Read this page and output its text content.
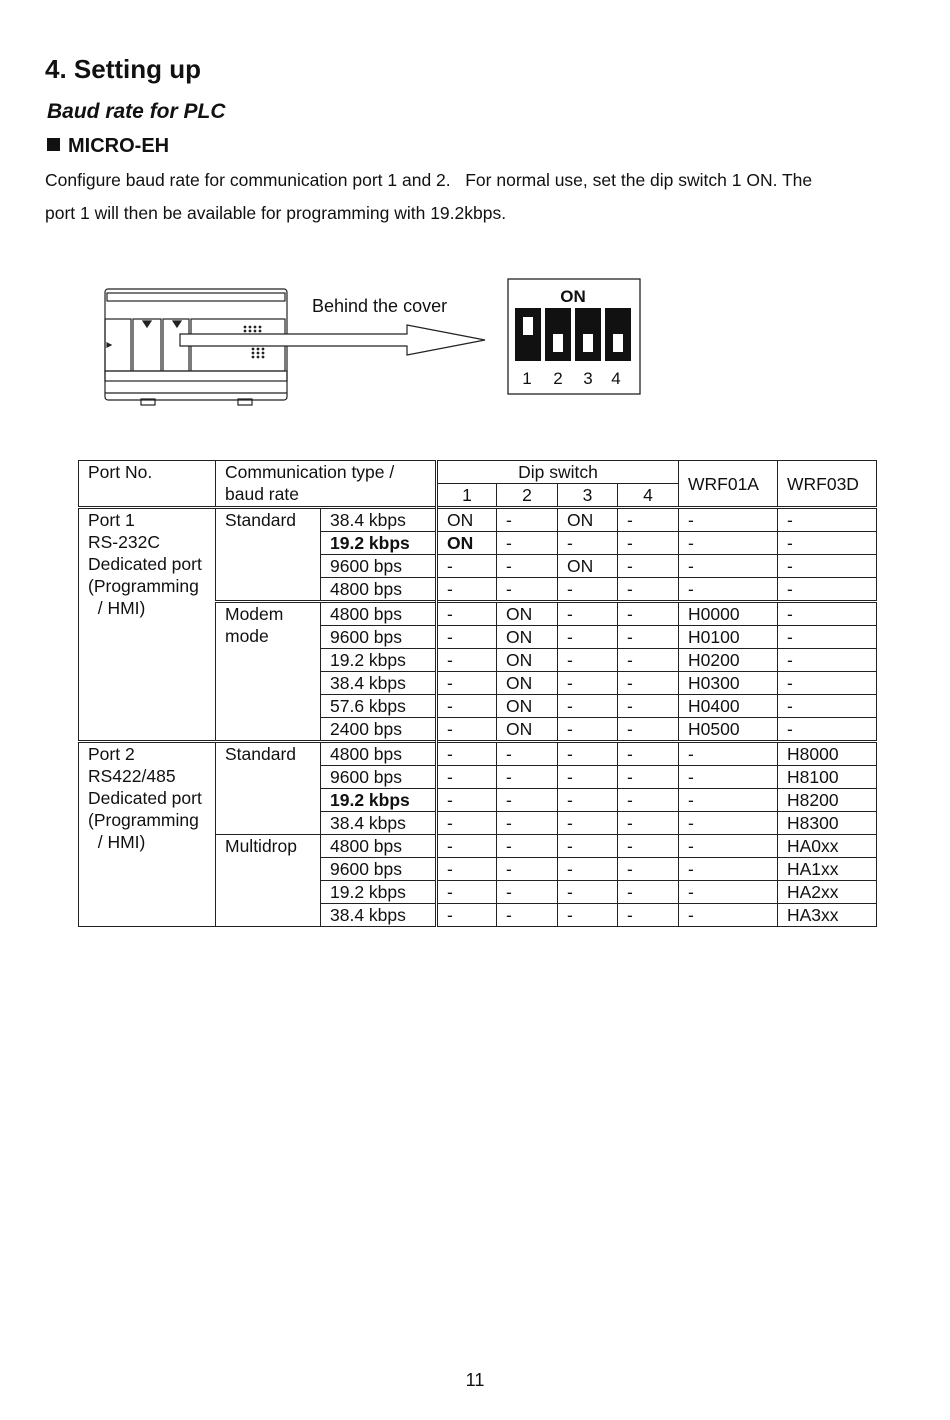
4. Setting up
Baud rate for PLC
MICRO-EH
Configure baud rate for communication port 1 and 2.   For normal use, set the dip switch 1 ON. The
port 1 will then be available for programming with 19.2kbps.
ON
1 2 3 4
Behind the cover
Port No.	Communication type /
baud rate		Dip switch				WRF01A	WRF03D
			1	2	3	4		
Port 1
RS-232C
Dedicated port
(Programming
/ HMI)	Standard	38.4 kbps	ON	-	ON	-	-	-
		19.2 kbps	ON	-	-	-	-	-
		9600 bps	-	-	ON	-	-	-
		4800 bps	-	-	-	-	-	-
	Modem
mode	4800 bps	-	ON	-	-	H0000	-
		9600 bps	-	ON	-	-	H0100	-
		19.2 kbps	-	ON	-	-	H0200	-
		38.4 kbps	-	ON	-	-	H0300	-
		57.6 kbps	-	ON	-	-	H0400	-
		2400 bps	-	ON	-	-	H0500	-
Port 2
RS422/485
Dedicated port
(Programming
/ HMI)	Standard	4800 bps	-	-	-	-	-	H8000
		9600 bps	-	-	-	-	-	H8100
		19.2 kbps	-	-	-	-	-	H8200
		38.4 kbps	-	-	-	-	-	H8300
	Multidrop	4800 bps	-	-	-	-	-	HA0xx
		9600 bps	-	-	-	-	-	HA1xx
		19.2 kbps	-	-	-	-	-	HA2xx
		38.4 kbps	-	-	-	-	-	HA3xx
11
